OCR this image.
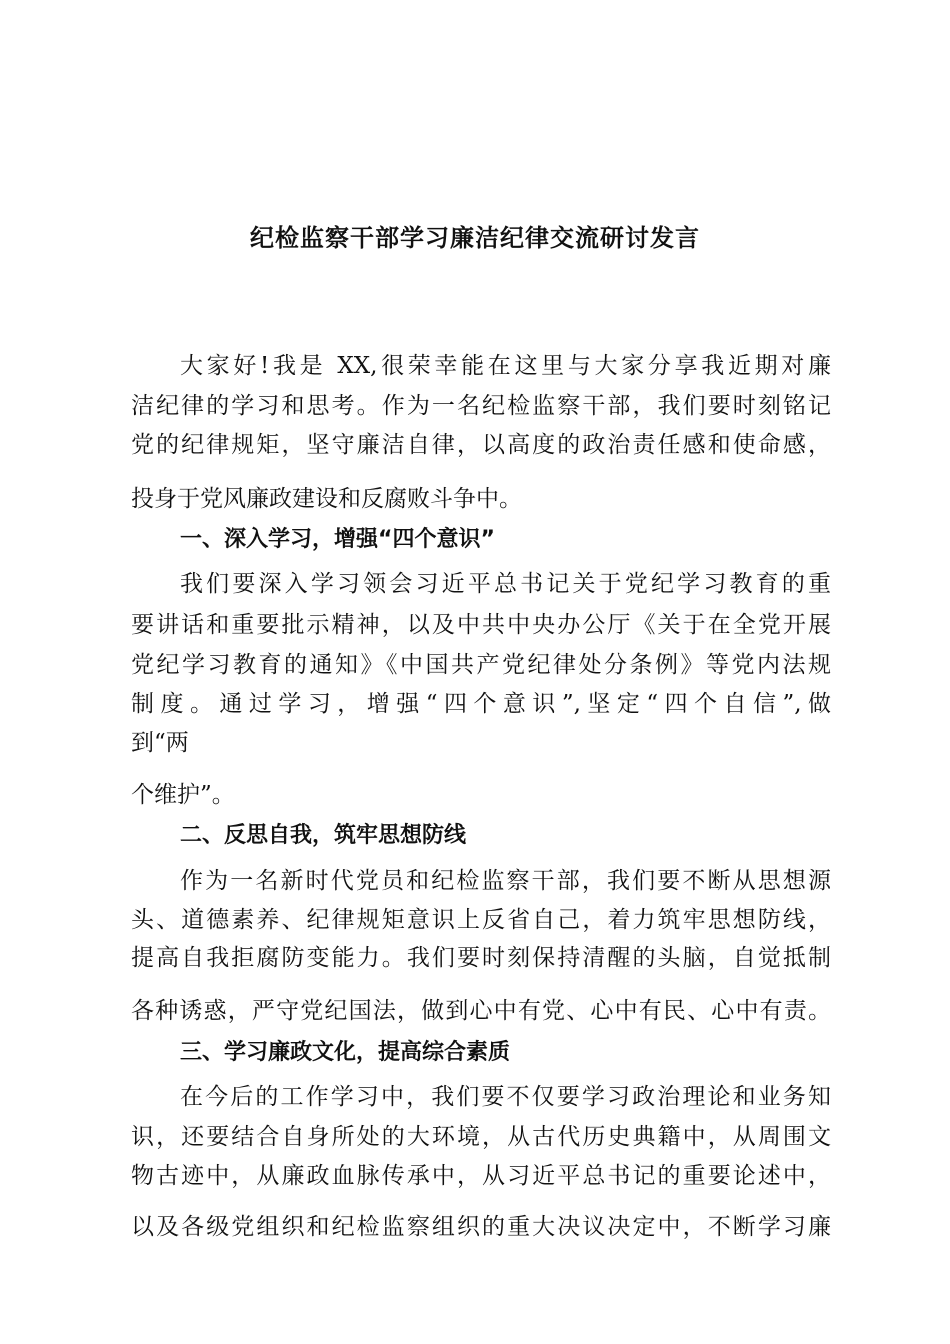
纪检监察干部学习廉洁纪律交流研讨发言

大家好!我是 XX,很荣幸能在这里与大家分享我近期对廉

洁纪律的学习和思考。作为一名纪检监察干部，我们要时刻铭记

党的纪律规矩，坚守廉洁自律，以高度的政治责任感和使命感，

投身于党风廉政建设和反腐败斗争中。

一、深入学习，增强“四个意识”

我们要深入学习领会习近平总书记关于党纪学习教育的重

要讲话和重要批示精神，以及中共中央办公厅《关于在全党开展

党纪学习教育的通知》《中国共产党纪律处分条例》等党内法规

制度。通过学习，增强“四个意识”,坚定“四个自信”,做

到“两

个维护”。

二、反思自我，筑牢思想防线

作为一名新时代党员和纪检监察干部，我们要不断从思想源

头、道德素养、纪律规矩意识上反省自己，着力筑牢思想防线，

提高自我拒腐防变能力。我们要时刻保持清醒的头脑，自觉抵制

各种诱惑，严守党纪国法，做到心中有党、心中有民、心中有责。

三、学习廉政文化，提高综合素质

在今后的工作学习中，我们要不仅要学习政治理论和业务知

识，还要结合自身所处的大环境，从古代历史典籍中，从周围文

物古迹中，从廉政血脉传承中，从习近平总书记的重要论述中，

以及各级党组织和纪检监察组织的重大决议决定中，不断学习廉
